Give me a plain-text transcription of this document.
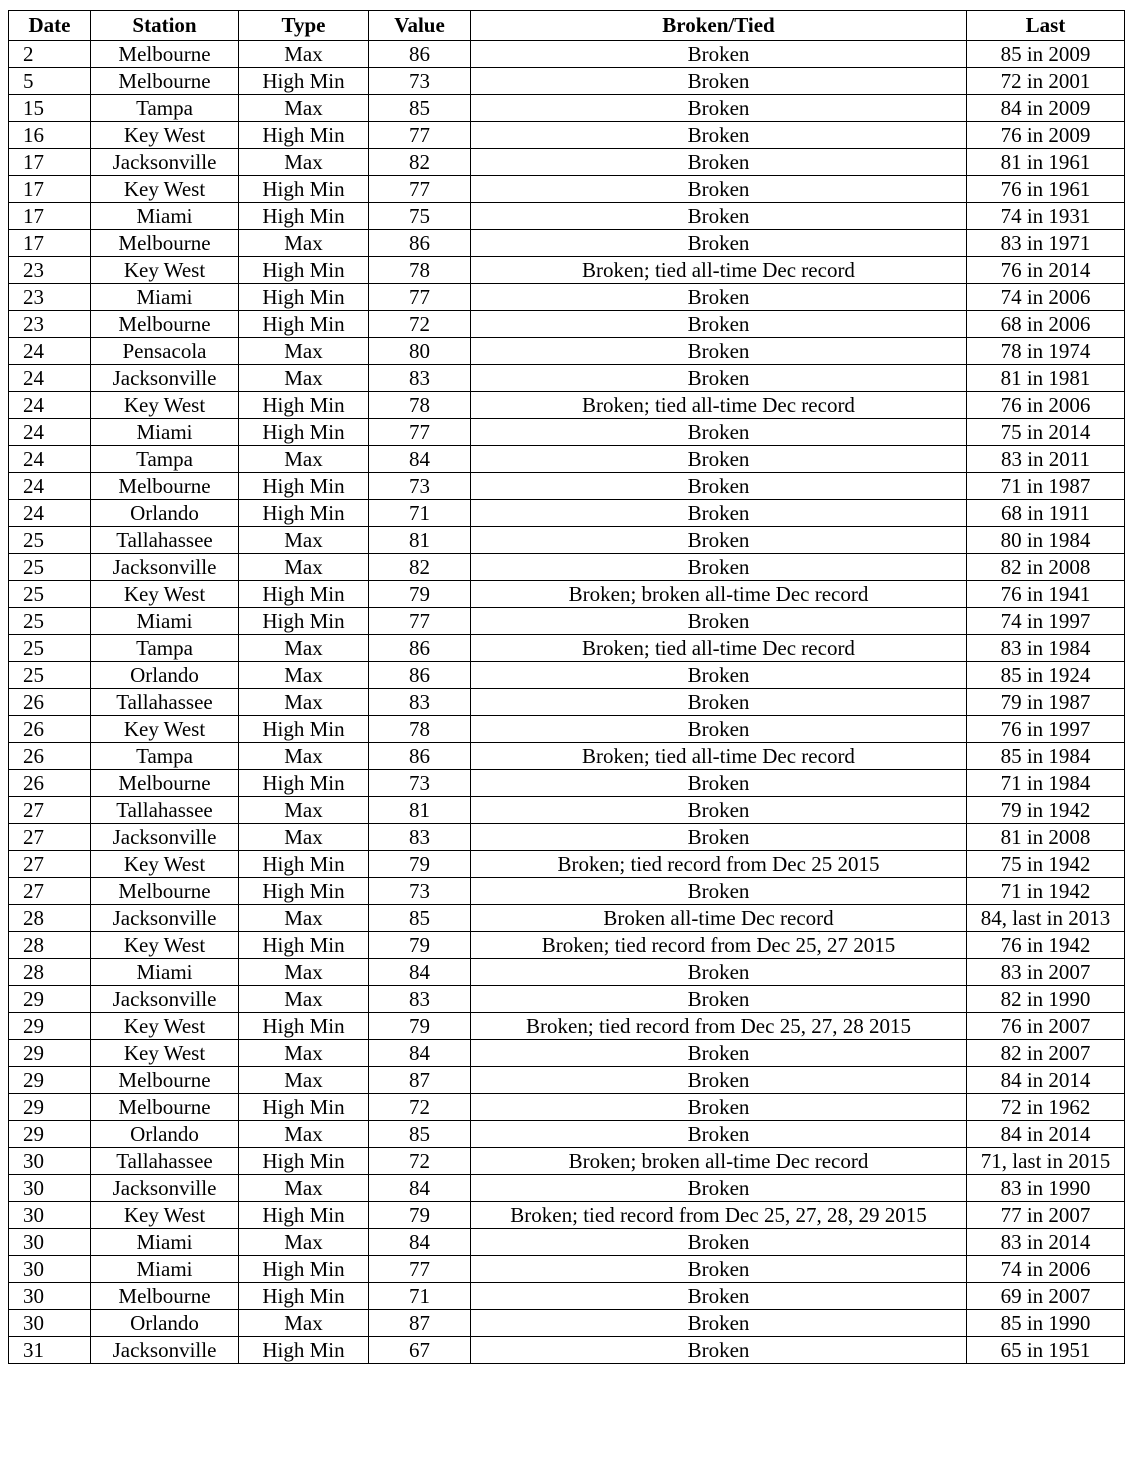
Date	Station	Type	Value	Broken/Tied	Last
2	Melbourne	Max	86	Broken	85 in 2009
5	Melbourne	High Min	73	Broken	72 in 2001
15	Tampa	Max	85	Broken	84 in 2009
16	Key West	High Min	77	Broken	76 in 2009
17	Jacksonville	Max	82	Broken	81 in 1961
17	Key West	High Min	77	Broken	76 in 1961
17	Miami	High Min	75	Broken	74 in 1931
17	Melbourne	Max	86	Broken	83 in 1971
23	Key West	High Min	78	Broken; tied all-time Dec record	76 in 2014
23	Miami	High Min	77	Broken	74 in 2006
23	Melbourne	High Min	72	Broken	68 in 2006
24	Pensacola	Max	80	Broken	78 in 1974
24	Jacksonville	Max	83	Broken	81 in 1981
24	Key West	High Min	78	Broken; tied all-time Dec record	76 in 2006
24	Miami	High Min	77	Broken	75 in 2014
24	Tampa	Max	84	Broken	83 in 2011
24	Melbourne	High Min	73	Broken	71 in 1987
24	Orlando	High Min	71	Broken	68 in 1911
25	Tallahassee	Max	81	Broken	80 in 1984
25	Jacksonville	Max	82	Broken	82 in 2008
25	Key West	High Min	79	Broken; broken all-time Dec record	76 in 1941
25	Miami	High Min	77	Broken	74 in 1997
25	Tampa	Max	86	Broken; tied all-time Dec record	83 in 1984
25	Orlando	Max	86	Broken	85 in 1924
26	Tallahassee	Max	83	Broken	79 in 1987
26	Key West	High Min	78	Broken	76 in 1997
26	Tampa	Max	86	Broken; tied all-time Dec record	85 in 1984
26	Melbourne	High Min	73	Broken	71 in 1984
27	Tallahassee	Max	81	Broken	79 in 1942
27	Jacksonville	Max	83	Broken	81 in 2008
27	Key West	High Min	79	Broken; tied record from Dec 25 2015	75 in 1942
27	Melbourne	High Min	73	Broken	71 in 1942
28	Jacksonville	Max	85	Broken all-time Dec record	84, last in 2013
28	Key West	High Min	79	Broken; tied record from Dec 25, 27 2015	76 in 1942
28	Miami	Max	84	Broken	83 in 2007
29	Jacksonville	Max	83	Broken	82 in 1990
29	Key West	High Min	79	Broken; tied record from Dec 25, 27, 28 2015	76 in 2007
29	Key West	Max	84	Broken	82 in 2007
29	Melbourne	Max	87	Broken	84 in 2014
29	Melbourne	High Min	72	Broken	72 in 1962
29	Orlando	Max	85	Broken	84 in 2014
30	Tallahassee	High Min	72	Broken; broken all-time Dec record	71, last in 2015
30	Jacksonville	Max	84	Broken	83 in 1990
30	Key West	High Min	79	Broken; tied record from Dec 25, 27, 28, 29 2015	77 in 2007
30	Miami	Max	84	Broken	83 in 2014
30	Miami	High Min	77	Broken	74 in 2006
30	Melbourne	High Min	71	Broken	69 in 2007
30	Orlando	Max	87	Broken	85 in 1990
31	Jacksonville	High Min	67	Broken	65 in 1951
